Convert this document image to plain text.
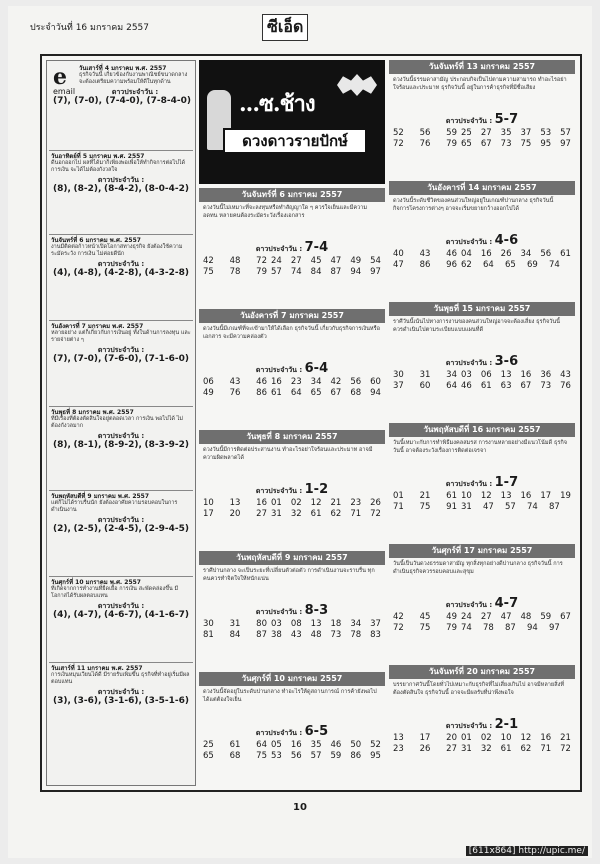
ประจำวันที่ 16 มกราคม 2557	ซีเอ็ด
e
email
วันเสาร์ที่ 4 มกราคม พ.ศ. 2557
ธุรกิจวันนี้ เกี่ยวข้องกับงานพาณิชย์ขนาดกลาง จะต้องเตรียมความพร้อมให้ดีในทุกด้าน
ดาวประจำวัน :
(7), (7-0), (7-4-0), (7-8-4-0)
วันอาทิตย์ที่ 5 มกราคม พ.ศ. 2557
ดีนอกออกไป ผลที่ได้มาก็เพียงพอเพื่อให้ทำกิจการต่อไปได้ การเงิน จะได้ไม่ต้องกังวลใจ
ดาวประจำวัน :
(8), (8-2), (8-4-2), (8-0-4-2)
วันจันทร์ที่ 6 มกราคม พ.ศ. 2557
งานมีติดต่อก้าวหน้าเปิดโอกาสทางธุรกิจ ยังต้องใช้ความระมัดระวัง การเงิน ไม่ค่อยดีนัก
ดาวประจำวัน :
(4), (4-8), (4-2-8), (4-3-2-8)
วันอังคารที่ 7 มกราคม พ.ศ. 2557
หลายอย่าง แต่ก็เกี่ยวกับการเงินอยู่ ทั้งในด้านการลงทุน และรายจ่ายต่าง ๆ
ดาวประจำวัน :
(7), (7-0), (7-6-0), (7-1-6-0)
วันพุธที่ 8 มกราคม พ.ศ. 2557
ที่มีเรื่องที่ต้องตัดสินใจอยู่ตลอดเวลา การเงิน พอไปได้ ไม่ต้องกังวลมาก
ดาวประจำวัน :
(8), (8-1), (8-9-2), (8-3-9-2)
วันพฤหัสบดีที่ 9 มกราคม พ.ศ. 2557
แต่ก็ไม่ได้ราบรื่นนัก ยังต้องอาศัยความรอบคอบในการดำเนินงาน
ดาวประจำวัน :
(2), (2-5), (2-4-5), (2-9-4-5)
วันศุกร์ที่ 10 มกราคม พ.ศ. 2557
ที่เกิดจากการทำงานที่ยืดเยื้อ การเงิน สะพัดคล่องขึ้น มีโอกาสได้รับผลตอบแทน
ดาวประจำวัน :
(4), (4-7), (4-6-7), (4-1-6-7)
วันเสาร์ที่ 11 มกราคม พ.ศ. 2557
การเงินหมุนเวียนได้ดี มีรายรับเพิ่มขึ้น ธุรกิจที่ทำอยู่เริ่มมีผลตอบแทน
ดาวประจำวัน :
(3), (3-6), (3-1-6), (3-5-1-6)
...ซ.ช้าง
ดวงดาวรายปักษ์
วันจันทร์ที่ 6 มกราคม 2557
ดวงวันนี้ไม่เหมาะที่จะลงทุนหรือทำสัญญาใด ๆ ควรใจเย็นและมีความอดทน หลายคนต้องระมัดระวังเรื่องเอกสาร
ดาวประจำวัน : 7-4
42 48 72 24 27 45 47 49 54
75 78 79 57 74 84 87 94 97
วันอังคารที่ 7 มกราคม 2557
ดวงวันนี้มีเกณฑ์ที่จะเข้ามาให้ได้เลือก ธุรกิจวันนี้ เกี่ยวกับธุรกิจการเงินหรือเอกสาร จะมีความคล่องตัว
ดาวประจำวัน : 6-4
06 43 46 16 23 34 42 56 60
49 76 86 61 64 65 67 68 94
วันพุธที่ 8 มกราคม 2557
ดวงวันนี้มีการติดต่อประสานงาน ทำอะไรอย่าใจร้อนและประมาท อาจมีความผิดพลาดได้
ดาวประจำวัน : 1-2
10 13 16 01 02 12 21 23 26
17 20 27 31 32 61 62 71 72
วันพฤหัสบดีที่ 9 มกราคม 2557
ราศีปานกลาง จะเป็นระยะที่เปลี่ยนตัวต่อตัว การดำเนินงานจะราบรื่น ทุกคนควรทำจิตใจให้หนักแน่น
ดาวประจำวัน : 8-3
30 31 80 03 08 13 18 34 37
81 84 87 38 43 48 73 78 83
วันศุกร์ที่ 10 มกราคม 2557
ดวงวันนี้จัดอยู่ในระดับปานกลาง ทำอะไรให้ดูสถานการณ์ การค้ายังพอไปได้แต่ต้องใจเย็น
ดาวประจำวัน : 6-5
25 61 64 05 16 35 46 50 52
65 68 75 53 56 57 59 86 95
วันจันทร์ที่ 13 มกราคม 2557
ดวงวันนี้ธรรมดาสามัญ ประกอบกิจเป็นไปตามความสามารถ ทำอะไรอย่าใจร้อนและประมาท ธุรกิจวันนี้ อยู่ในการค้าธุรกิจที่มีชื่อเสียง
ดาวประจำวัน : 5-7
52 56 59 25 27 35 37 53 57
72 76 79 65 67 73 75 95 97
วันอังคารที่ 14 มกราคม 2557
ดวงวันนี้ระดับชีวิตของคนส่วนใหญ่อยู่ในเกณฑ์ปานกลาง ธุรกิจวันนี้ กิจการโครงการต่างๆ อาจจะเริ่มขยายกว้างออกไปได้
ดาวประจำวัน : 4-6
40 43 46 04 16 26 34 56 61
47 86 96 62 64 65 69 74
วันพุธที่ 15 มกราคม 2557
ราศีวันนี้เน้นไปทางการงานของคนส่วนใหญ่อาจจะต้องเสี่ยง ธุรกิจวันนี้ ควรดำเนินไปตามระเบียบแบบแผนที่ดี
ดาวประจำวัน : 3-6
30 31 34 03 06 13 16 36 43
37 60 64 46 61 63 67 73 76
วันพฤหัสบดีที่ 16 มกราคม 2557
วันนี้เหมาะกับการทำพิธีมงคลสมรส การงานหลายอย่างมีแนวโน้มดี ธุรกิจวันนี้ อาจต้องระวังเรื่องการติดต่อเจรจา
ดาวประจำวัน : 1-7
01 21 61 10 12 13 16 17 19
71 75 91 31 47 57 74 87
วันศุกร์ที่ 17 มกราคม 2557
วันนี้เป็นวันดวงธรรมดาสามัญ ทุกสิ่งทุกอย่างดีปานกลาง ธุรกิจวันนี้ การดำเนินธุรกิจควรรอบคอบและสุขุม
ดาวประจำวัน : 4-7
42 45 49 24 27 47 48 59 67
72 75 79 74 78 87 94 97
วันจันทร์ที่ 20 มกราคม 2557
บรรยากาศวันนี้โดยทั่วไปเหมาะกับธุรกิจที่ไม่เสี่ยงเกินไป อาจมีหลายสิ่งที่ต้องตัดสินใจ ธุรกิจวันนี้ อาจจะมีผลรับที่น่าพึงพอใจ
ดาวประจำวัน : 2-1
13 17 20 01 02 10 12 16 21
23 26 27 31 32 61 62 71 72
10
[611x864] http://upic.me/
